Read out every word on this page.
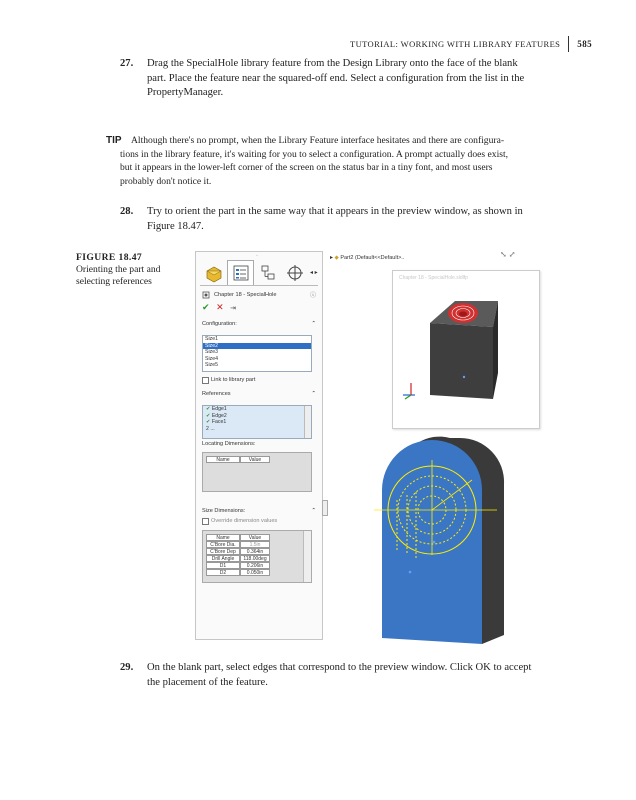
TUTORIAL: WORKING WITH LIBRARY FEATURES 585
27. Drag the SpecialHole library feature from the Design Library onto the face of the blank
part. Place the feature near the squared-off end. Select a configuration from the list in the
PropertyManager.
TIP Although there's no prompt, when the Library Feature interface hesitates and there are configura-
tions in the library feature, it's waiting for you to select a configuration. A prompt actually does exist,
but it appears in the lower-left corner of the screen on the status bar in a tiny font, and most users
probably don't notice it.
28. Try to orient the part in the same way that it appears in the preview window, as shown in
Figure 18.47.
FIGURE 18.47
Orienting the part and
selecting references
◦
◂ ▸
Chapter 18 - SpecialHole	ⓘ
✔ ✕ ⇥
Configuration:	⌃
Size1
Size2
Size3
Size4
Size5
Link to library part
References	⌃
✔ Edge1
✔ Edge2
✔ Face1
2 ...
Locating Dimensions:
Name	Value
Size Dimensions:	⌃
Override dimension values
Name	Value
C'Bore Dia.	1.5in
C'Bore Dep	0.364in
Drill Angle	118.00deg
D1	0.206in
D2	0.050in
▸ ◆ Part2 (Default<<Default>..	⤡ ⤢
Chapter 18 - SpecialHole.sldlfp
29. On the blank part, select edges that correspond to the preview window. Click OK to accept
the placement of the feature.
